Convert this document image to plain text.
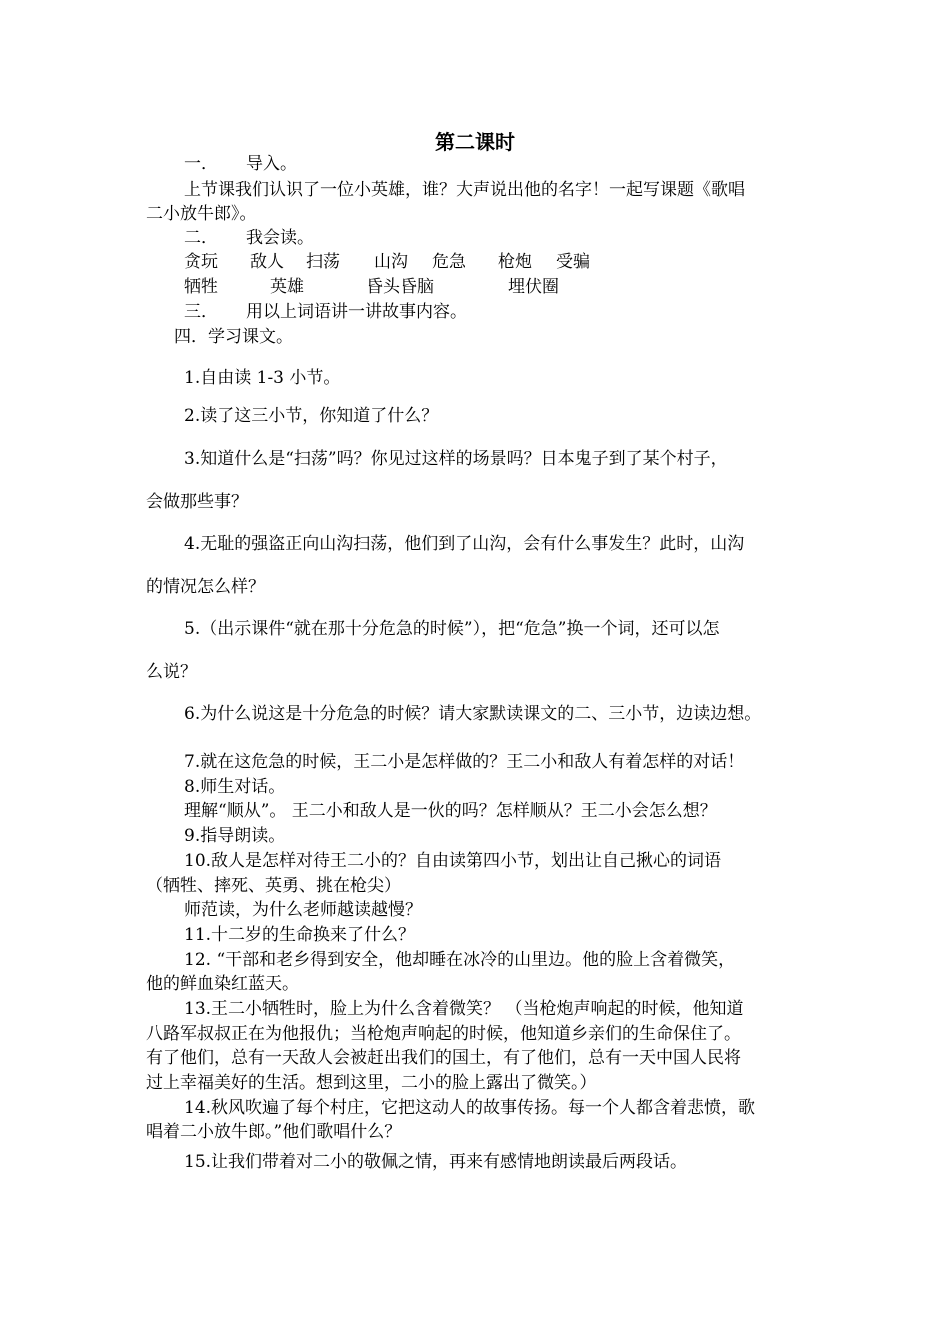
第二课时
一． 导入。
上节课我们认识了一位小英雄，谁？大声说出他的名字！一起写课题《歌唱
二小放牛郎》。
二． 我会读。
贪玩 敌人 扫荡 山沟 危急 枪炮 受骗
牺牲	英雄	昏头昏脑	埋伏圈
三． 用以上词语讲一讲故事内容。
四．学习课文。
1.自由读 1-3 小节。
2.读了这三小节，你知道了什么？
3.知道什么是“扫荡”吗？你见过这样的场景吗？日本鬼子到了某个村子，
会做那些事？
4.无耻的强盗正向山沟扫荡，他们到了山沟，会有什么事发生？此时，山沟
的情况怎么样？
5.（出示课件“就在那十分危急的时候”），把“危急”换一个词，还可以怎
么说？
6.为什么说这是十分危急的时候？请大家默读课文的二、三小节，边读边想。
7.就在这危急的时候，王二小是怎样做的？王二小和敌人有着怎样的对话！
8.师生对话。
理解“顺从”。 王二小和敌人是一伙的吗？怎样顺从？王二小会怎么想？
9.指导朗读。
10.敌人是怎样对待王二小的？自由读第四小节，划出让自己揪心的词语
（牺牲、摔死、英勇、挑在枪尖）
师范读，为什么老师越读越慢？
11.十二岁的生命换来了什么？
12. “干部和老乡得到安全，他却睡在冰冷的山里边。他的脸上含着微笑，
他的鲜血染红蓝天。
13.王二小牺牲时，脸上为什么含着微笑？ （当枪炮声响起的时候，他知道
八路军叔叔正在为他报仇；当枪炮声响起的时候，他知道乡亲们的生命保住了。
有了他们，总有一天敌人会被赶出我们的国土，有了他们，总有一天中国人民将
过上幸福美好的生活。想到这里，二小的脸上露出了微笑。）
14.秋风吹遍了每个村庄，它把这动人的故事传扬。每一个人都含着悲愤，歌
唱着二小放牛郎。”他们歌唱什么？
15.让我们带着对二小的敬佩之情，再来有感情地朗读最后两段话。
